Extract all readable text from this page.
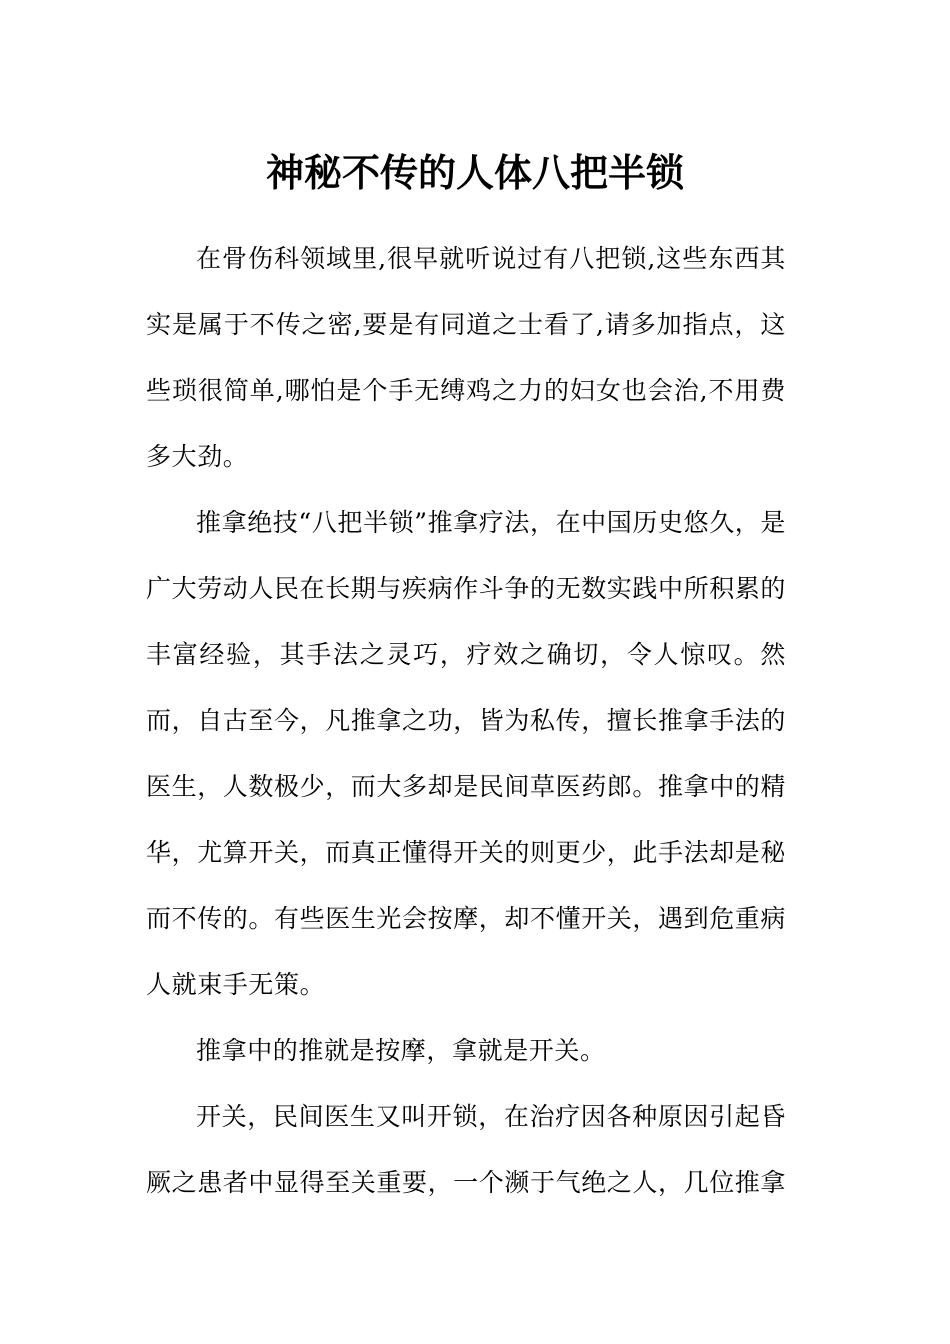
神秘不传的人体八把半锁

在骨伤科领域里,很早就听说过有八把锁,这些东西其实是属于不传之密,要是有同道之士看了,请多加指点，这些琐很简单,哪怕是个手无缚鸡之力的妇女也会治,不用费多大劲。

推拿绝技“八把半锁”推拿疗法，在中国历史悠久，是广大劳动人民在长期与疾病作斗争的无数实践中所积累的丰富经验，其手法之灵巧，疗效之确切，令人惊叹。然而，自古至今，凡推拿之功，皆为私传，擅长推拿手法的医生，人数极少，而大多却是民间草医药郎。推拿中的精华，尤算开关，而真正懂得开关的则更少，此手法却是秘而不传的。有些医生光会按摩，却不懂开关，遇到危重病人就束手无策。

推拿中的推就是按摩，拿就是开关。

开关，民间医生又叫开锁，在治疗因各种原因引起昏厥之患者中显得至关重要，一个濒于气绝之人，几位推拿
